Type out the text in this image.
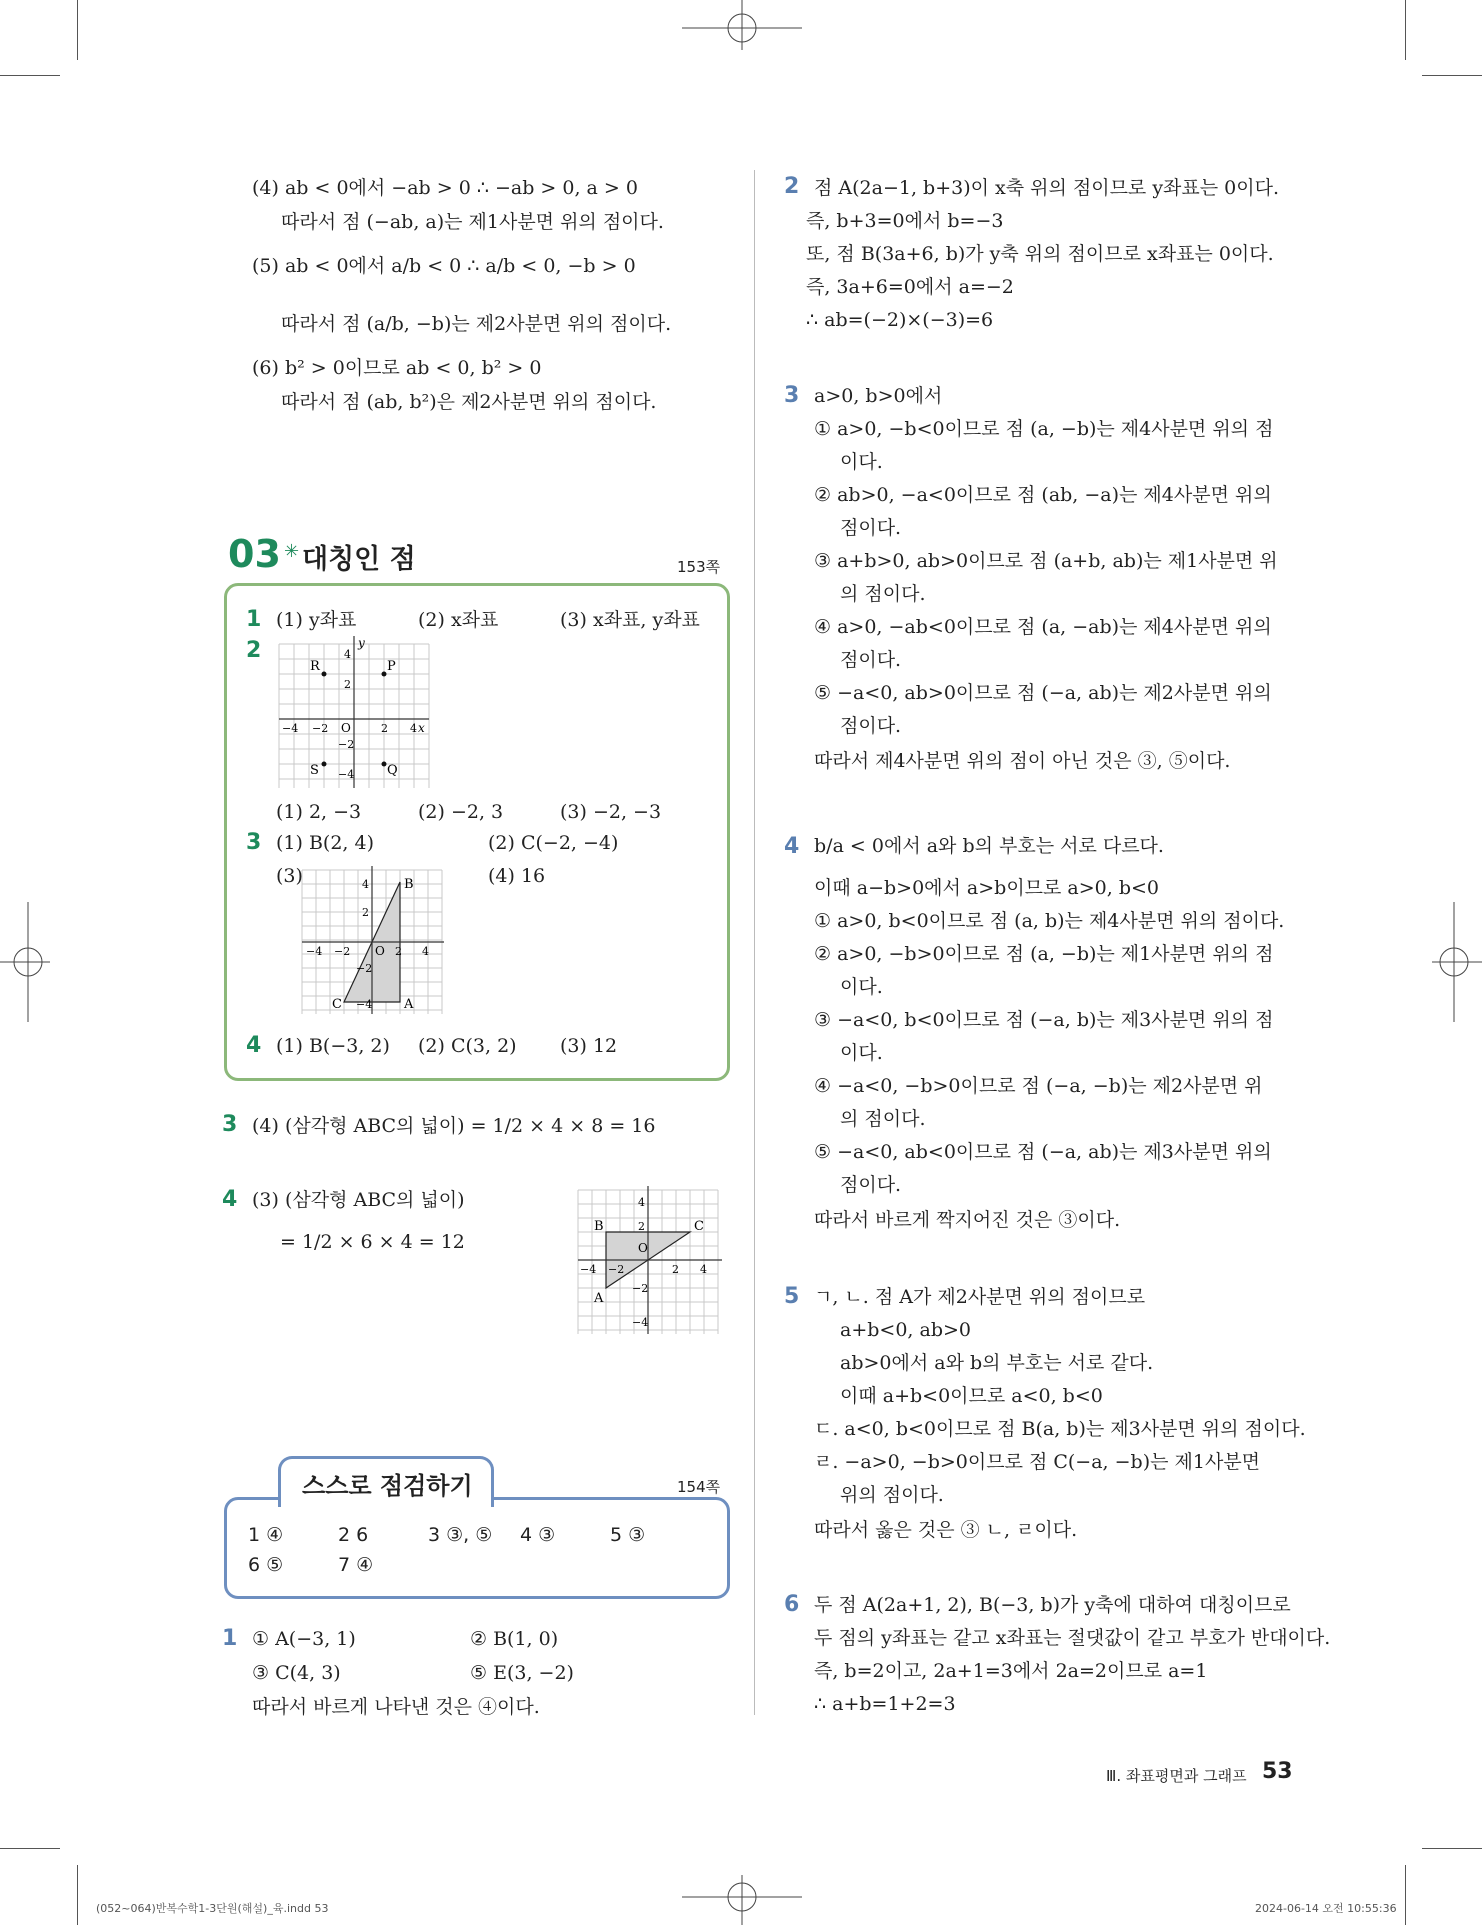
(4) ab < 0에서 −ab > 0 ∴ −ab > 0, a > 0
따라서 점 (−ab, a)는 제1사분면 위의 점이다.
(5) ab < 0에서 a/b < 0 ∴ a/b < 0, −b > 0
따라서 점 (a/b, −b)는 제2사분면 위의 점이다.
(6) b² > 0이므로 ab < 0, b² > 0
따라서 점 (ab, b²)은 제2사분면 위의 점이다.
03 ✳ 대칭인 점	153쪽
1 (1) y좌표	(2) x좌표	(3) x좌표, y좌표
2
R	P
S	Q
O	x
y
−4 −2	2 4
4
2
−2
−4
(1) 2, −3	(2) −2, 3	(3) −2, −3
3 (1) B(2, 4)	(2) C(−2, −4)
(3)	(4) 16
B
C	A
O
−4 −2	2 4
4
2
−2
−4
4 (1) B(−3, 2) (2) C(3, 2) (3) 12
3 (4) (삼각형 ABC의 넓이) = 1/2 × 4 × 8 = 16
4 (3) (삼각형 ABC의 넓이)
= 1/2 × 6 × 4 = 12
B	C
A
O
−4 −2	2 4
4
2
−2
−4
스스로 점검하기	154쪽
1 ④	2 6	3 ③, ⑤ 4 ③	5 ③
6 ⑤	7 ④
1 ① A(−3, 1)	② B(1, 0)
③ C(4, 3)	⑤ E(3, −2)
따라서 바르게 나타낸 것은 ④이다.
2 점 A(2a−1, b+3)이 x축 위의 점이므로 y좌표는 0이다.
즉, b+3=0에서 b=−3
또, 점 B(3a+6, b)가 y축 위의 점이므로 x좌표는 0이다.
즉, 3a+6=0에서 a=−2
∴ ab=(−2)×(−3)=6
3 a>0, b>0에서
① a>0, −b<0이므로 점 (a, −b)는 제4사분면 위의 점
이다.
② ab>0, −a<0이므로 점 (ab, −a)는 제4사분면 위의
점이다.
③ a+b>0, ab>0이므로 점 (a+b, ab)는 제1사분면 위
의 점이다.
④ a>0, −ab<0이므로 점 (a, −ab)는 제4사분면 위의
점이다.
⑤ −a<0, ab>0이므로 점 (−a, ab)는 제2사분면 위의
점이다.
따라서 제4사분면 위의 점이 아닌 것은 ③, ⑤이다.
4 b/a < 0에서 a와 b의 부호는 서로 다르다.
이때 a−b>0에서 a>b이므로 a>0, b<0
① a>0, b<0이므로 점 (a, b)는 제4사분면 위의 점이다.
② a>0, −b>0이므로 점 (a, −b)는 제1사분면 위의 점
이다.
③ −a<0, b<0이므로 점 (−a, b)는 제3사분면 위의 점
이다.
④ −a<0, −b>0이므로 점 (−a, −b)는 제2사분면 위
의 점이다.
⑤ −a<0, ab<0이므로 점 (−a, ab)는 제3사분면 위의
점이다.
따라서 바르게 짝지어진 것은 ③이다.
5 ㄱ, ㄴ. 점 A가 제2사분면 위의 점이므로
a+b<0, ab>0
ab>0에서 a와 b의 부호는 서로 같다.
이때 a+b<0이므로 a<0, b<0
ㄷ. a<0, b<0이므로 점 B(a, b)는 제3사분면 위의 점이다.
ㄹ. −a>0, −b>0이므로 점 C(−a, −b)는 제1사분면
위의 점이다.
따라서 옳은 것은 ③ ㄴ, ㄹ이다.
6 두 점 A(2a+1, 2), B(−3, b)가 y축에 대하여 대칭이므로
두 점의 y좌표는 같고 x좌표는 절댓값이 같고 부호가 반대이다.
즉, b=2이고, 2a+1=3에서 2a=2이므로 a=1
∴ a+b=1+2=3
Ⅲ. 좌표평면과 그래프 53
(052~064)반복수학1-3단원(해설)_육.indd 53	2024-06-14 오전 10:55:36
